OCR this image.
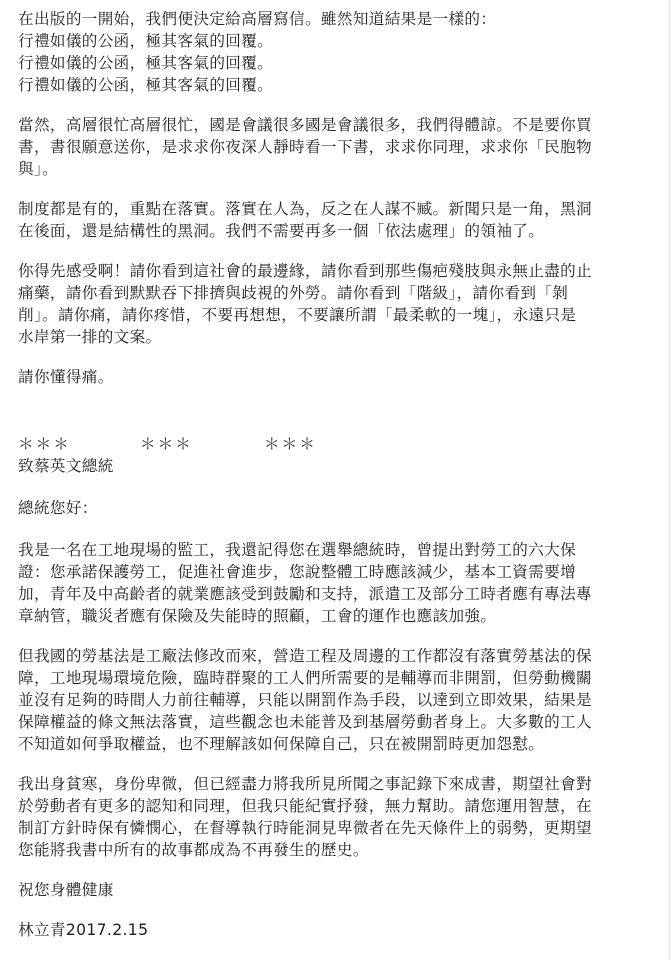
在出版的一開始，我們便決定給高層寫信。雖然知道結果是一樣的：
行禮如儀的公函，極其客氣的回覆。
行禮如儀的公函，極其客氣的回覆。
行禮如儀的公函，極其客氣的回覆。

當然，高層很忙高層很忙，國是會議很多國是會議很多，我們得體諒。不是要你買
書，書很願意送你，是求求你夜深人靜時看一下書，求求你同理，求求你「民胞物
與」。

制度都是有的，重點在落實。落實在人為，反之在人謀不臧。新聞只是一角，黑洞
在後面，還是結構性的黑洞。我們不需要再多一個「依法處理」的領袖了。

你得先感受啊！請你看到這社會的最邊緣，請你看到那些傷疤殘肢與永無止盡的止
痛藥，請你看到默默吞下排擠與歧視的外勞。請你看到「階級」，請你看到「剝
削」。請你痛，請你疼惜，不要再想想，不要讓所謂「最柔軟的一塊」，永遠只是
水岸第一排的文案。

請你懂得痛。

＊＊＊	＊＊＊	＊＊＊

致蔡英文總統

總統您好：

我是一名在工地現場的監工，我還記得您在選舉總統時，曾提出對勞工的六大保
證：您承諾保護勞工，促進社會進步，您說整體工時應該減少，基本工資需要增
加，青年及中高齡者的就業應該受到鼓勵和支持，派遣工及部分工時者應有專法專
章納管，職災者應有保險及失能時的照顧，工會的運作也應該加強。

但我國的勞基法是工廠法修改而來，營造工程及周邊的工作都沒有落實勞基法的保
障，工地現場環境危險，臨時群聚的工人們所需要的是輔導而非開罰，但勞動機關
並沒有足夠的時間人力前往輔導，只能以開罰作為手段，以達到立即效果，結果是
保障權益的條文無法落實，這些觀念也未能普及到基層勞動者身上。大多數的工人
不知道如何爭取權益，也不理解該如何保障自己，只在被開罰時更加怨懟。

我出身貧寒，身份卑微，但已經盡力將我所見所聞之事記錄下來成書，期望社會對
於勞動者有更多的認知和同理，但我只能紀實抒發，無力幫助。請您運用智慧，在
制訂方針時保有憐憫心，在督導執行時能洞見卑微者在先天條件上的弱勢，更期望
您能將我書中所有的故事都成為不再發生的歷史。

祝您身體健康

林立青2017.2.15
